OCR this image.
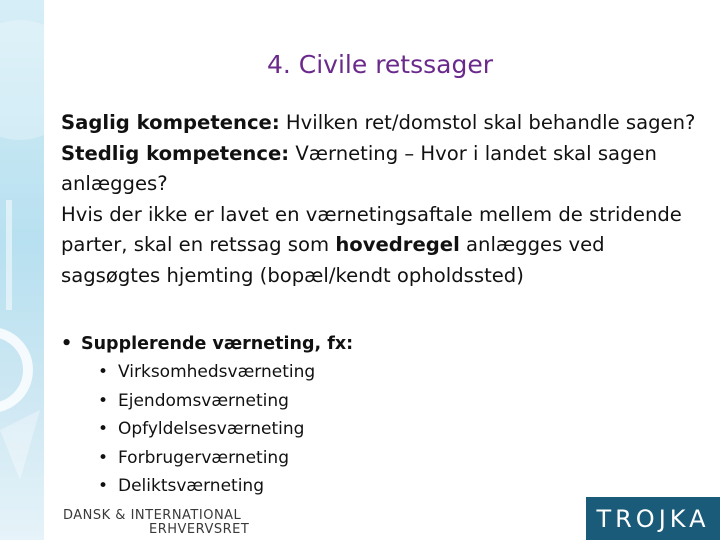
4. Civile retssager

Saglig kompetence: Hvilken ret/domstol skal behandle sagen?

Stedlig kompetence: Værneting – Hvor i landet skal sagen anlægges?

Hvis der ikke er lavet en værnetingsaftale mellem de stridende parter, skal en retssag som hovedregel anlægges ved sagsøgtes hjemting (bopæl/kendt opholdssted)

• Supplerende værneting, fx:
• Virksomhedsværneting
• Ejendomsværneting
• Opfyldelsesværneting
• Forbrugerværneting
• Deliktsværneting
DANSK & INTERNATIONAL
ERHVERVSRET	TROJKA
